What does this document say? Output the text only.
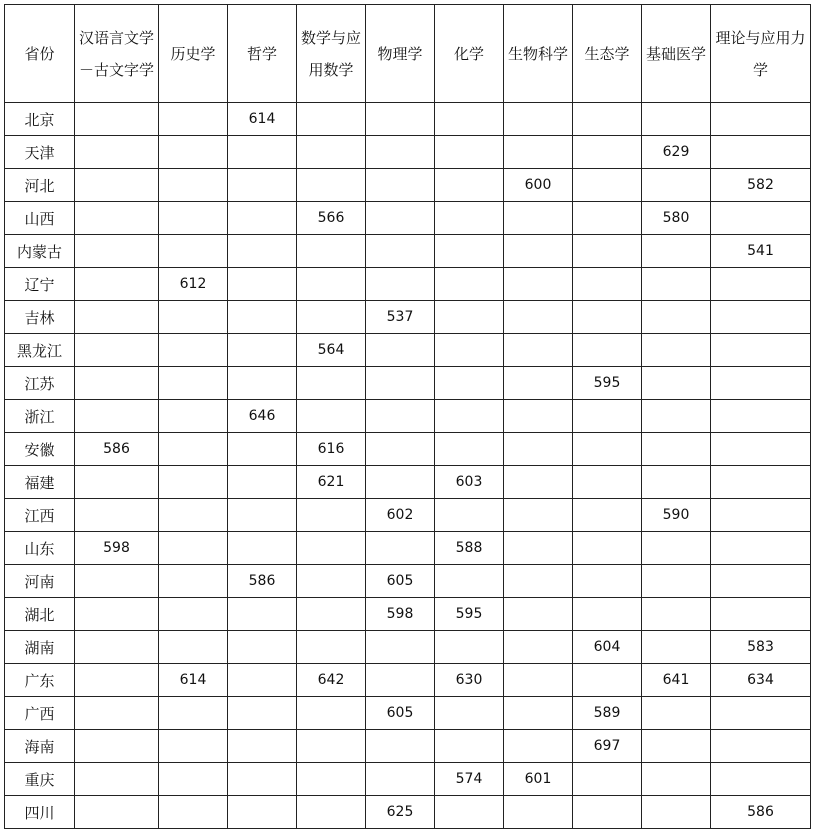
省份	汉语言文学－古文字学	历史学	哲学	数学与应用数学	物理学	化学	生物科学	生态学	基础医学	理论与应用力学

北京			614							
天津									629	
河北							600			582
山西				566					580	
内蒙古										541
辽宁		612								
吉林					537					
黑龙江				564						
江苏								595		
浙江			646							
安徽	586			616						
福建				621		603				
江西					602				590	
山东	598					588				
河南			586		605					
湖北					598	595				
湖南								604		583
广东		614		642		630			641	634
广西					605			589		
海南								697		
重庆						574	601			
四川					625					586
